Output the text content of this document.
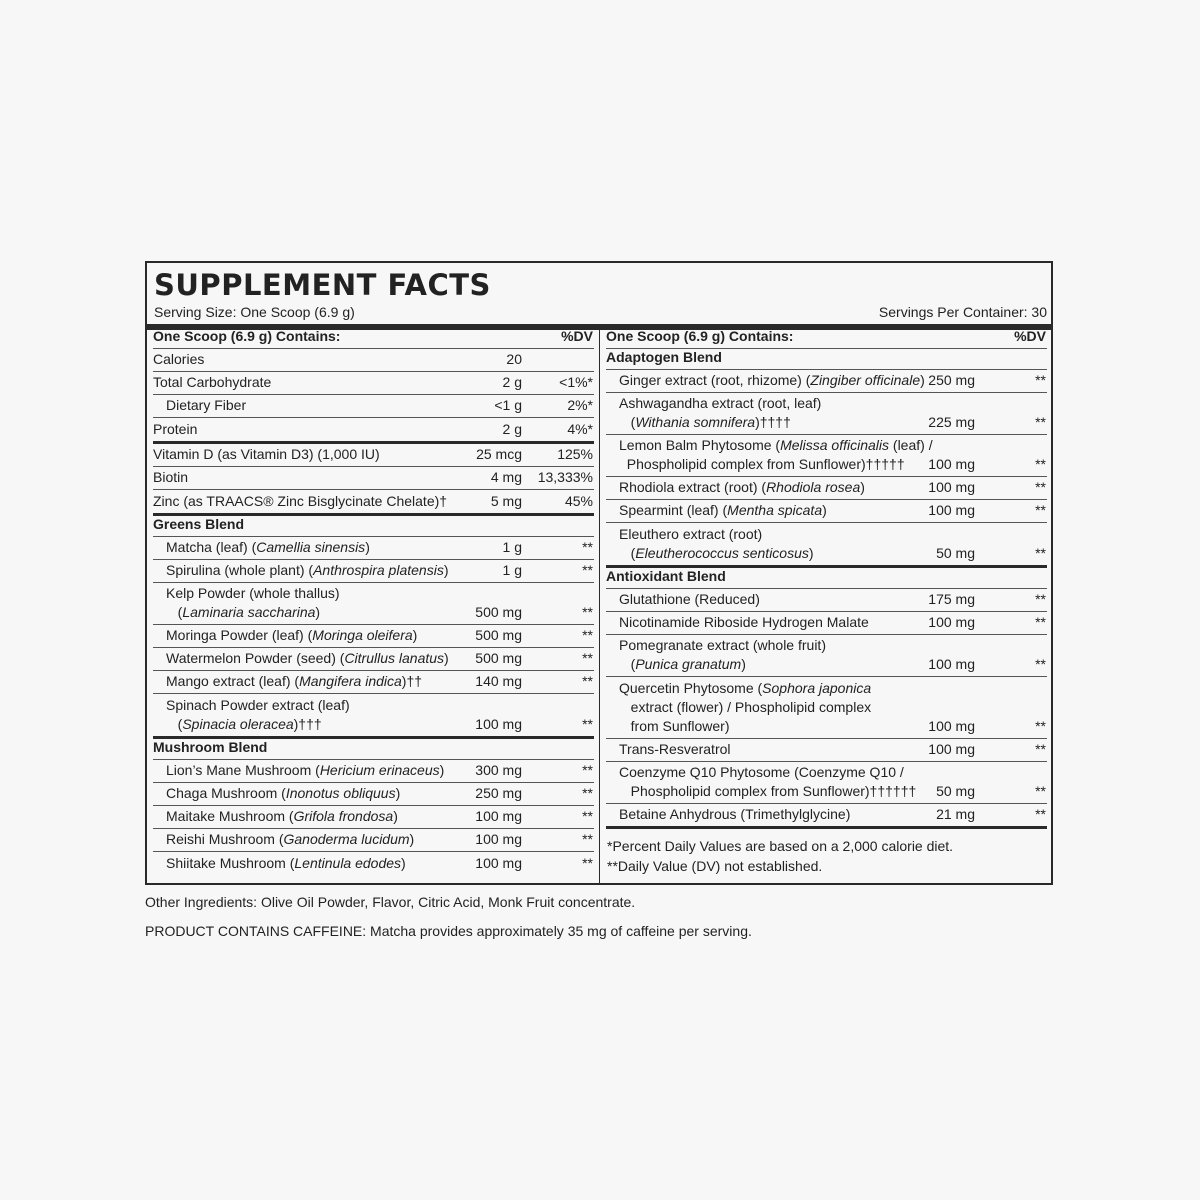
SUPPLEMENT FACTS
Serving Size: One Scoop (6.9 g)	Servings Per Container: 30
One Scoop (6.9 g) Contains:	%DV
Calories	20
Total Carbohydrate	2 g	<1%*
Dietary Fiber	<1 g	2%*
Protein	2 g	4%*
Vitamin D (as Vitamin D3) (1,000 IU)	25 mcg	125%
Biotin	4 mg 13,333%
Zinc (as TRAACS® Zinc Bisglycinate Chelate)†	5 mg	45%
Greens Blend
Matcha (leaf) (Camellia sinensis)	1 g	**
Spirulina (whole plant) (Anthrospira platensis)	1 g	**
Kelp Powder (whole thallus)
(Laminaria saccharina)	500 mg	**
Moringa Powder (leaf) (Moringa oleifera)	500 mg	**
Watermelon Powder (seed) (Citrullus lanatus) 500 mg	**
Mango extract (leaf) (Mangifera indica)††	140 mg	**
Spinach Powder extract (leaf)
(Spinacia oleracea)†††	100 mg	**
Mushroom Blend
Lion’s Mane Mushroom (Hericium erinaceus) 300 mg	**
Chaga Mushroom (Inonotus obliquus)	250 mg	**
Maitake Mushroom (Grifola frondosa)	100 mg	**
Reishi Mushroom (Ganoderma lucidum)	100 mg	**
Shiitake Mushroom (Lentinula edodes)	100 mg	**
One Scoop (6.9 g) Contains:	%DV
Adaptogen Blend
Ginger extract (root, rhizome) (Zingiber officinale) 250 mg	**
Ashwagandha extract (root, leaf)
(Withania somnifera)††††	225 mg	**
Lemon Balm Phytosome (Melissa officinalis (leaf) /
Phospholipid complex from Sunflower)†††††	100 mg	**
Rhodiola extract (root) (Rhodiola rosea)	100 mg	**
Spearmint (leaf) (Mentha spicata)	100 mg	**
Eleuthero extract (root)
(Eleutherococcus senticosus)	50 mg	**
Antioxidant Blend
Glutathione (Reduced)	175 mg	**
Nicotinamide Riboside Hydrogen Malate	100 mg	**
Pomegranate extract (whole fruit)
(Punica granatum)	100 mg	**
Quercetin Phytosome (Sophora japonica
extract (flower) / Phospholipid complex
from Sunflower)	100 mg	**
Trans-Resveratrol	100 mg	**
Coenzyme Q10 Phytosome (Coenzyme Q10 /
Phospholipid complex from Sunflower)†††††† 50 mg	**
Betaine Anhydrous (Trimethylglycine)	21 mg	**
*Percent Daily Values are based on a 2,000 calorie diet.
**Daily Value (DV) not established.
Other Ingredients: Olive Oil Powder, Flavor, Citric Acid, Monk Fruit concentrate.
PRODUCT CONTAINS CAFFEINE: Matcha provides approximately 35 mg of caffeine per serving.
